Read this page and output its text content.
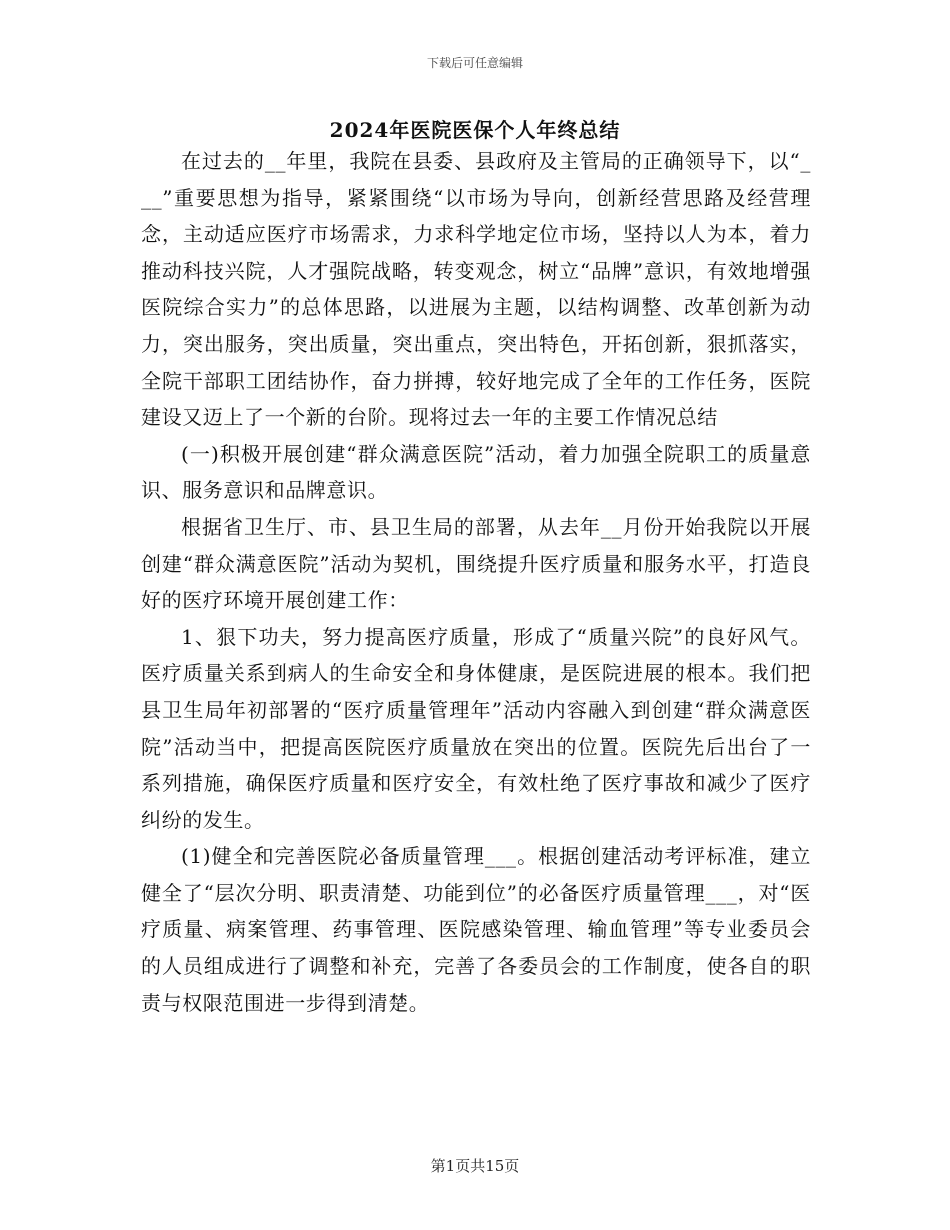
下载后可任意编辑
2024年医院医保个人年终总结

在过去的__年里，我院在县委、县政府及主管局的正确领导下，以“___”重要思想为指导，紧紧围绕“以市场为导向，创新经营思路及经营理念，主动适应医疗市场需求，力求科学地定位市场，坚持以人为本，着力推动科技兴院，人才强院战略，转变观念，树立“品牌”意识，有效地增强医院综合实力”的总体思路，以进展为主题，以结构调整、改革创新为动力，突出服务，突出质量，突出重点，突出特色，开拓创新，狠抓落实，全院干部职工团结协作，奋力拼搏，较好地完成了全年的工作任务，医院建设又迈上了一个新的台阶。现将过去一年的主要工作情况总结

(一)积极开展创建“群众满意医院”活动，着力加强全院职工的质量意识、服务意识和品牌意识。

根据省卫生厅、市、县卫生局的部署，从去年__月份开始我院以开展创建“群众满意医院”活动为契机，围绕提升医疗质量和服务水平，打造良好的医疗环境开展创建工作：

1、狠下功夫，努力提高医疗质量，形成了“质量兴院”的良好风气。医疗质量关系到病人的生命安全和身体健康，是医院进展的根本。我们把县卫生局年初部署的“医疗质量管理年”活动内容融入到创建“群众满意医院”活动当中，把提高医院医疗质量放在突出的位置。医院先后出台了一系列措施，确保医疗质量和医疗安全，有效杜绝了医疗事故和减少了医疗纠纷的发生。

(1)健全和完善医院必备质量管理___。根据创建活动考评标准，建立健全了“层次分明、职责清楚、功能到位”的必备医疗质量管理___，对“医疗质量、病案管理、药事管理、医院感染管理、输血管理”等专业委员会的人员组成进行了调整和补充，完善了各委员会的工作制度，使各自的职责与权限范围进一步得到清楚。

第1页共15页
